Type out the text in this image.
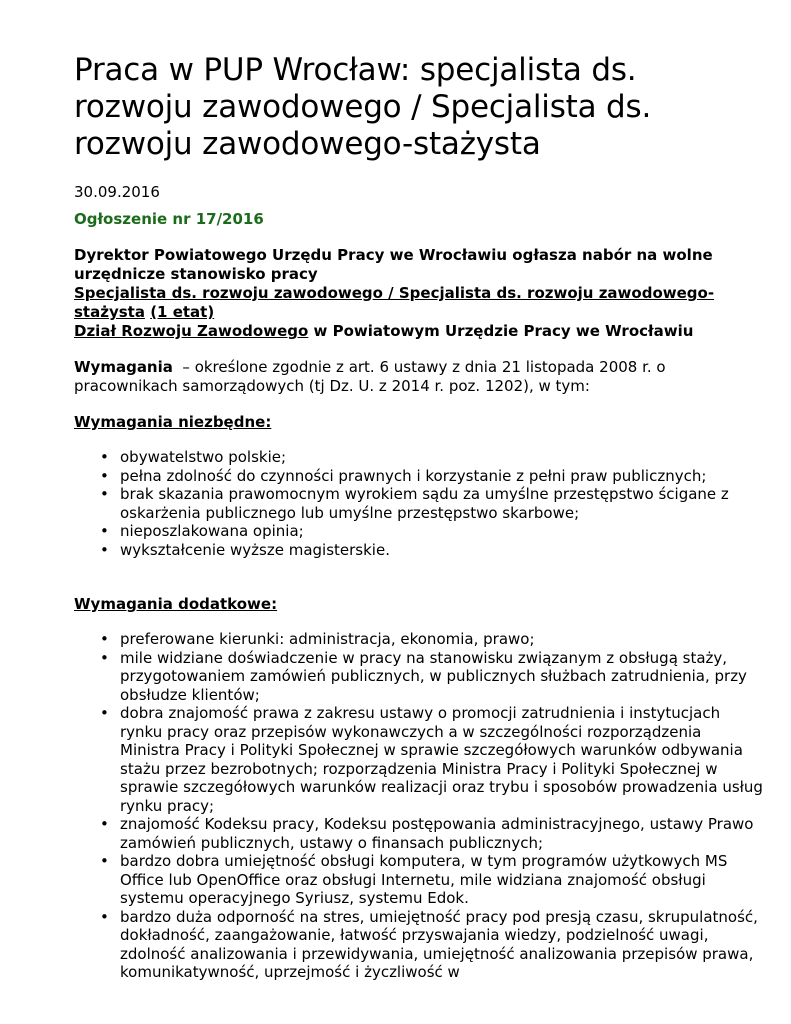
Praca w PUP Wrocław: specjalista ds. rozwoju zawodowego / Specjalista ds. rozwoju zawodowego-stażysta
30.09.2016
Ogłoszenie nr 17/2016
Dyrektor Powiatowego Urzędu Pracy we Wrocławiu ogłasza nabór na wolne urzędnicze stanowisko pracy
Specjalista ds. rozwoju zawodowego / Specjalista ds. rozwoju zawodowego-stażysta (1 etat)
Dział Rozwoju Zawodowego w Powiatowym Urzędzie Pracy we Wrocławiu
Wymagania  – określone zgodnie z art. 6 ustawy z dnia 21 listopada 2008 r. o pracownikach samorządowych (tj Dz. U. z 2014 r. poz. 1202), w tym:
Wymagania niezbędne:
• obywatelstwo polskie;
• pełna zdolność do czynności prawnych i korzystanie z pełni praw publicznych;
• brak skazania prawomocnym wyrokiem sądu za umyślne przestępstwo ścigane z oskarżenia publicznego lub umyślne przestępstwo skarbowe;
• nieposzlakowana opinia;
• wykształcenie wyższe magisterskie.
Wymagania dodatkowe:
• preferowane kierunki: administracja, ekonomia, prawo;
• mile widziane doświadczenie w pracy na stanowisku związanym z obsługą staży, przygotowaniem zamówień publicznych, w publicznych służbach zatrudnienia, przy obsłudze klientów;
• dobra znajomość prawa z zakresu ustawy o promocji zatrudnienia i instytucjach rynku pracy oraz przepisów wykonawczych a w szczególności rozporządzenia Ministra Pracy i Polityki Społecznej w sprawie szczegółowych warunków odbywania stażu przez bezrobotnych; rozporządzenia Ministra Pracy i Polityki Społecznej w sprawie szczegółowych warunków realizacji oraz trybu i sposobów prowadzenia usług rynku pracy;
• znajomość Kodeksu pracy, Kodeksu postępowania administracyjnego, ustawy Prawo zamówień publicznych, ustawy o finansach publicznych;
• bardzo dobra umiejętność obsługi komputera, w tym programów użytkowych MS Office lub OpenOffice oraz obsługi Internetu, mile widziana znajomość obsługi systemu operacyjnego Syriusz, systemu Edok.
• bardzo duża odporność na stres, umiejętność pracy pod presją czasu, skrupulatność, dokładność, zaangażowanie, łatwość przyswajania wiedzy, podzielność uwagi, zdolność analizowania i przewidywania, umiejętność analizowania przepisów prawa, komunikatywność, uprzejmość i życzliwość w
